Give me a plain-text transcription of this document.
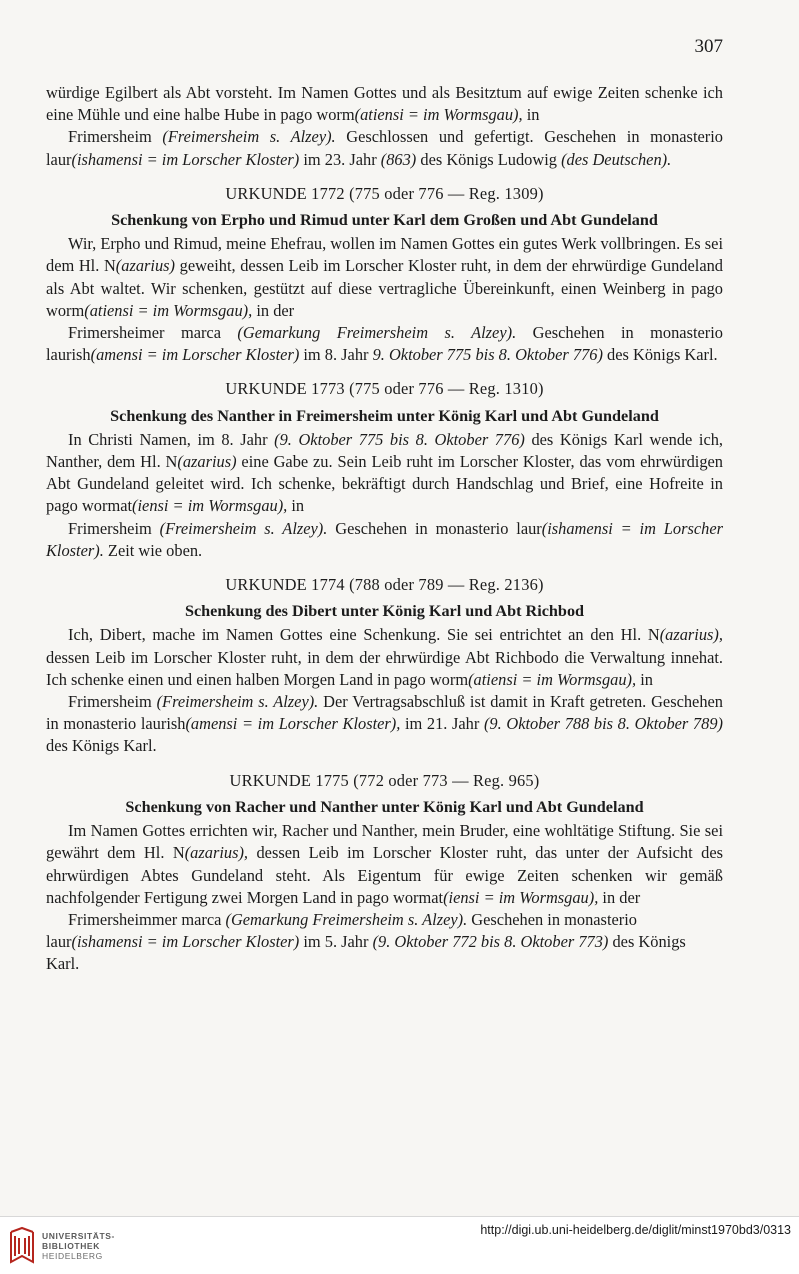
307

würdige Egilbert als Abt vorsteht. Im Namen Gottes und als Besitztum auf ewige Zeiten schenke ich eine Mühle und eine halbe Hube in pago worm(atiensi = im Wormsgau), in

Frimersheim (Freimersheim s. Alzey). Geschlossen und gefertigt. Geschehen in monasterio laur(ishamensi = im Lorscher Kloster) im 23. Jahr (863) des Königs Ludowig (des Deutschen).

URKUNDE 1772 (775 oder 776 — Reg. 1309)
Schenkung von Erpho und Rimud unter Karl dem Großen und Abt Gundeland

Wir, Erpho und Rimud, meine Ehefrau, wollen im Namen Gottes ein gutes Werk vollbringen. Es sei dem Hl. N(azarius) geweiht, dessen Leib im Lorscher Kloster ruht, in dem der ehrwürdige Gundeland als Abt waltet. Wir schenken, gestützt auf diese vertragliche Übereinkunft, einen Weinberg in pago worm(atiensi = im Wormsgau), in der

Frimersheimer marca (Gemarkung Freimersheim s. Alzey). Geschehen in monasterio laurish(amensi = im Lorscher Kloster) im 8. Jahr 9. Oktober 775 bis 8. Oktober 776) des Königs Karl.

URKUNDE 1773 (775 oder 776 — Reg. 1310)
Schenkung des Nanther in Freimersheim unter König Karl und Abt Gundeland

In Christi Namen, im 8. Jahr (9. Oktober 775 bis 8. Oktober 776) des Königs Karl wende ich, Nanther, dem Hl. N(azarius) eine Gabe zu. Sein Leib ruht im Lorscher Kloster, das vom ehrwürdigen Abt Gundeland geleitet wird. Ich schenke, bekräftigt durch Handschlag und Brief, eine Hofreite in pago wormat(iensi = im Wormsgau), in

Frimersheim (Freimersheim s. Alzey). Geschehen in monasterio laur(ishamensi = im Lorscher Kloster). Zeit wie oben.

URKUNDE 1774 (788 oder 789 — Reg. 2136)
Schenkung des Dibert unter König Karl und Abt Richbod

Ich, Dibert, mache im Namen Gottes eine Schenkung. Sie sei entrichtet an den Hl. N(azarius), dessen Leib im Lorscher Kloster ruht, in dem der ehrwürdige Abt Richbodo die Verwaltung innehat. Ich schenke einen und einen halben Morgen Land in pago worm(atiensi = im Wormsgau), in

Frimersheim (Freimersheim s. Alzey). Der Vertragsabschluß ist damit in Kraft getreten. Geschehen in monasterio laurish(amensi = im Lorscher Kloster), im 21. Jahr (9. Oktober 788 bis 8. Oktober 789) des Königs Karl.

URKUNDE 1775 (772 oder 773 — Reg. 965)
Schenkung von Racher und Nanther unter König Karl und Abt Gundeland

Im Namen Gottes errichten wir, Racher und Nanther, mein Bruder, eine wohltätige Stiftung. Sie sei gewährt dem Hl. N(azarius), dessen Leib im Lorscher Kloster ruht, das unter der Aufsicht des ehrwürdigen Abtes Gundeland steht. Als Eigentum für ewige Zeiten schenken wir gemäß nachfolgender Fertigung zwei Morgen Land in pago wormat(iensi = im Wormsgau), in der

Frimersheimmer marca (Gemarkung Freimersheim s. Alzey). Geschehen in monasterio laur(ishamensi = im Lorscher Kloster) im 5. Jahr (9. Oktober 772 bis 8. Oktober 773) des Königs Karl.

UNIVERSITÄTS-
BIBLIOTHEK
HEIDELBERG
http://digi.ub.uni-heidelberg.de/diglit/minst1970bd3/0313
